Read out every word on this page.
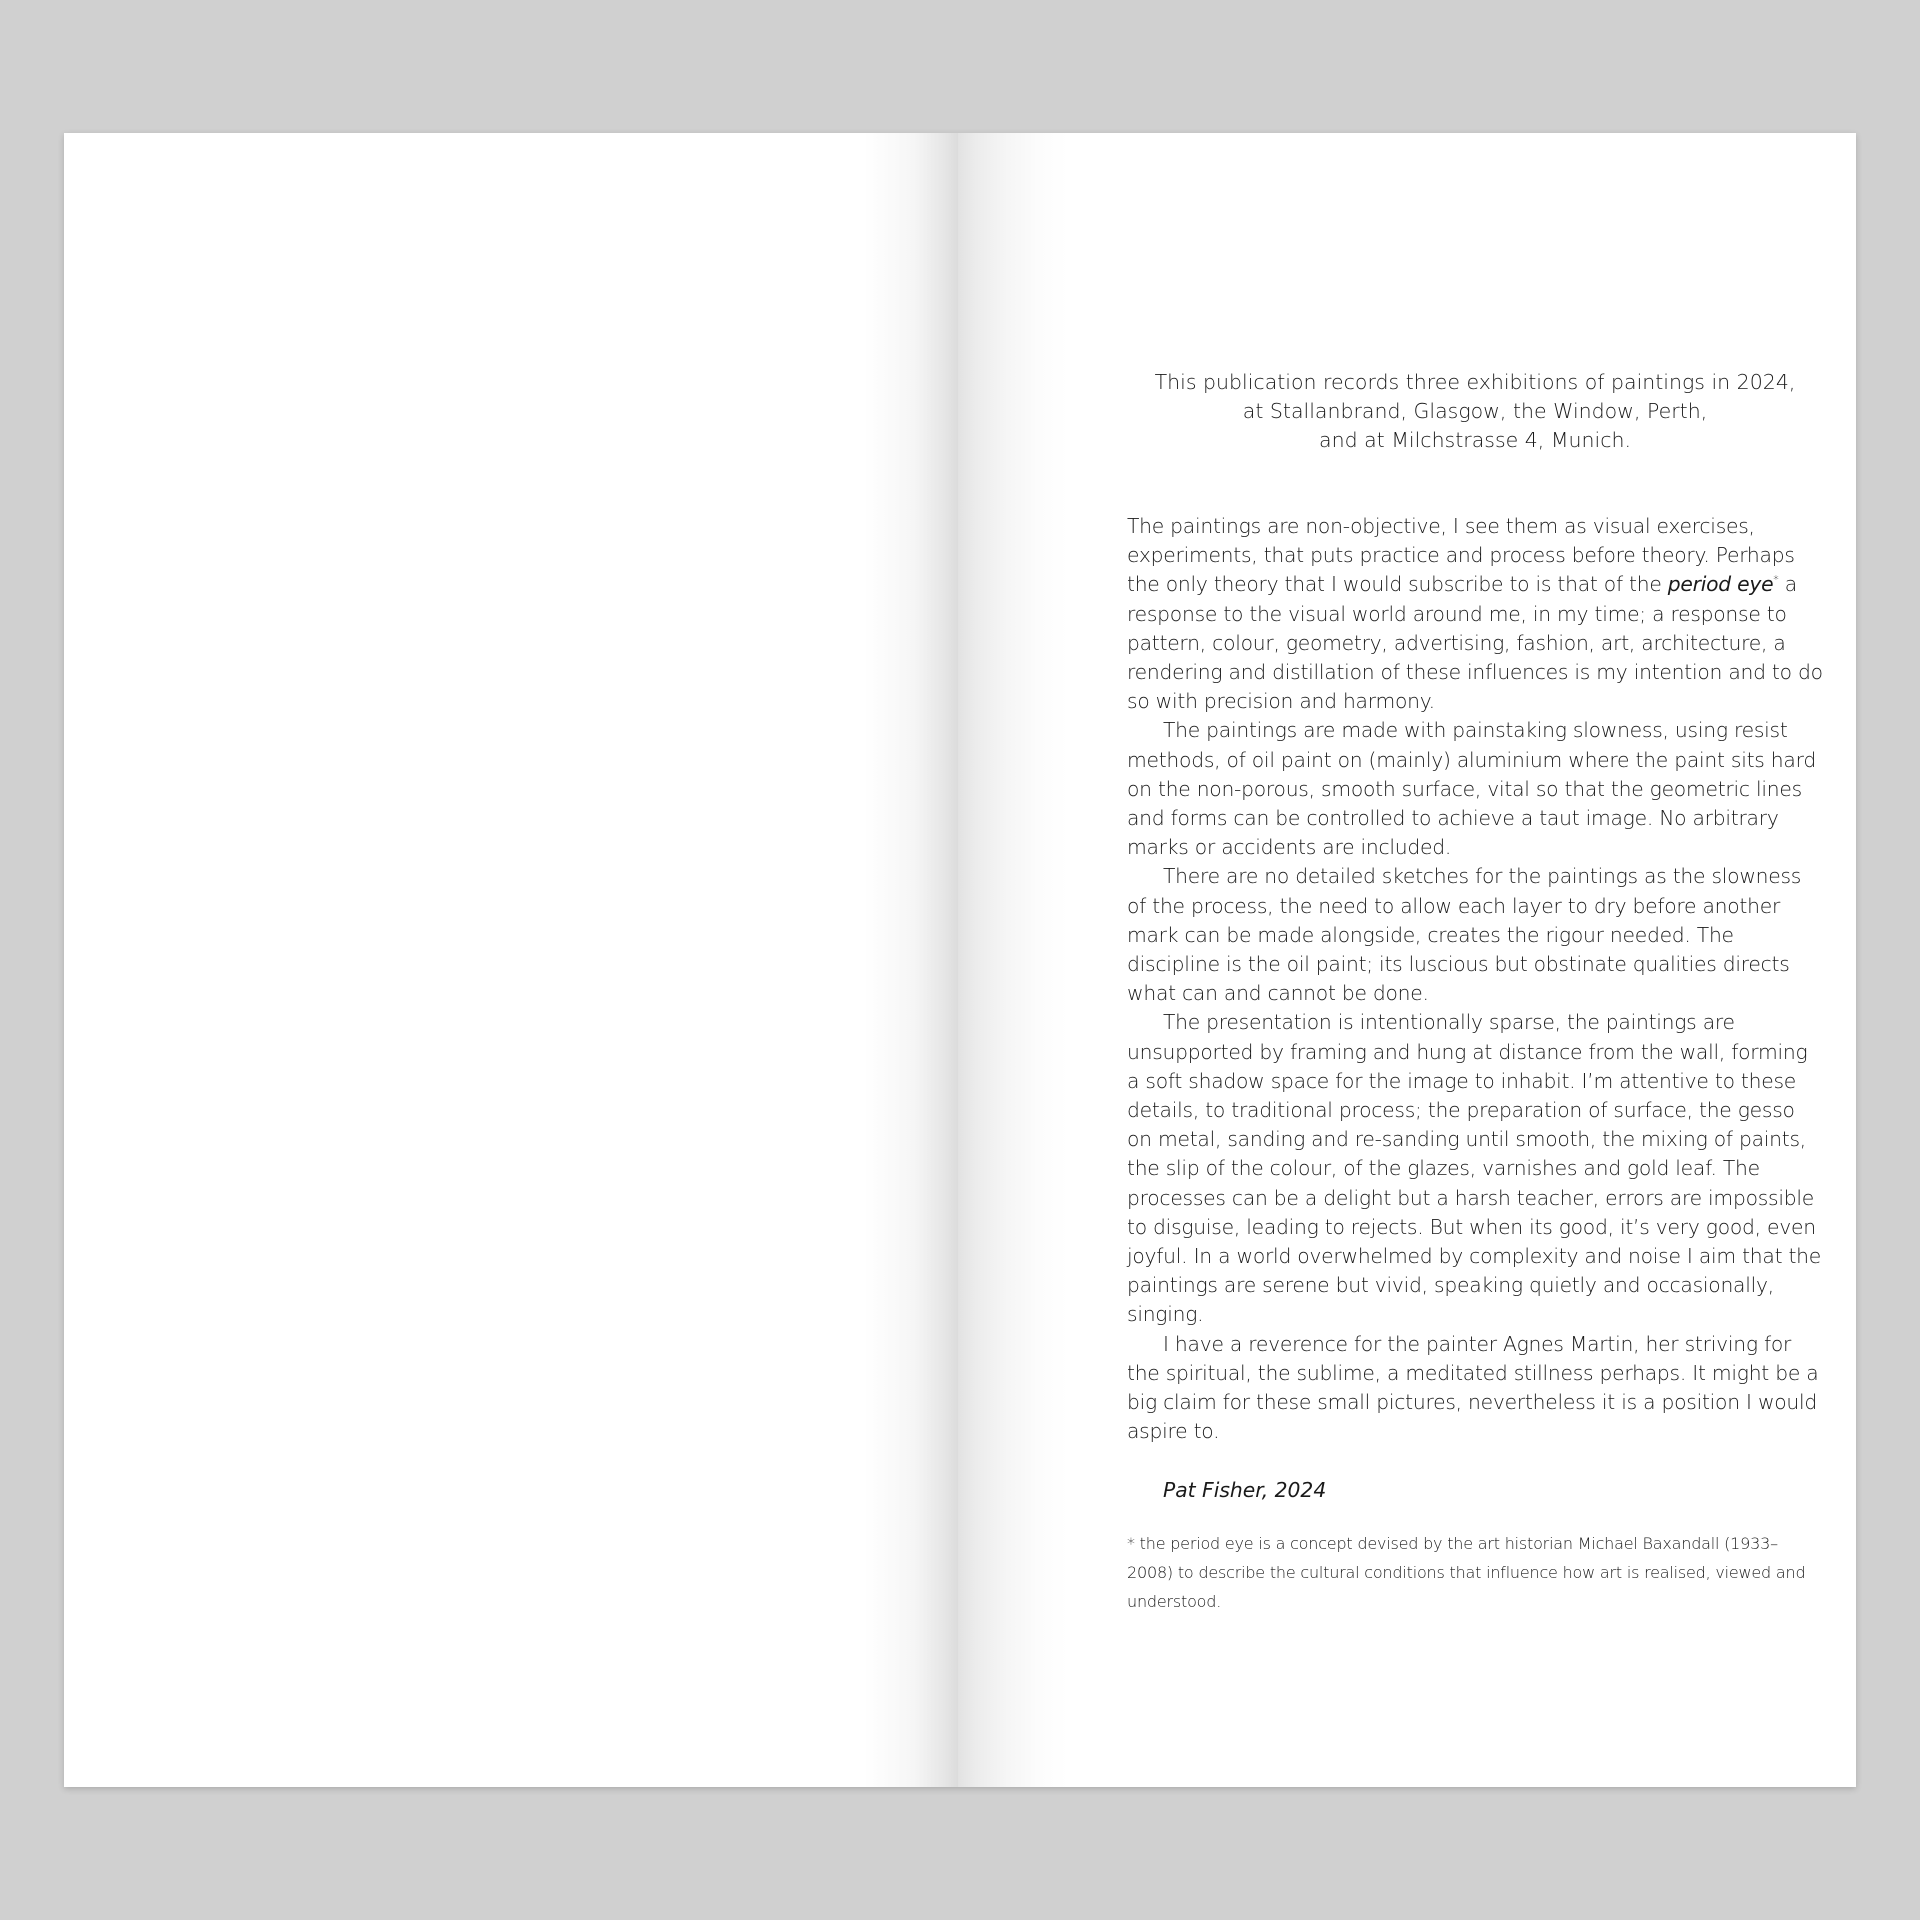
This publication records three exhibitions of paintings in 2024,
at Stallanbrand, Glasgow, the Window, Perth,
and at Milchstrasse 4, Munich.

The paintings are non-objective, I see them as visual exercises, experiments, that puts practice and process before theory. Perhaps the only theory that I would subscribe to is that of the period eye* a response to the visual world around me, in my time; a response to pattern, colour, geometry, advertising, fashion, art, architecture, a rendering and distillation of these influences is my intention and to do so with precision and harmony.

The paintings are made with painstaking slowness, using resist methods, of oil paint on (mainly) aluminium where the paint sits hard on the non-porous, smooth surface, vital so that the geometric lines and forms can be controlled to achieve a taut image. No arbitrary marks or accidents are included.

There are no detailed sketches for the paintings as the slowness of the process, the need to allow each layer to dry before another mark can be made alongside, creates the rigour needed. The discipline is the oil paint; its luscious but obstinate qualities directs what can and cannot be done.

The presentation is intentionally sparse, the paintings are unsupported by framing and hung at distance from the wall, forming a soft shadow space for the image to inhabit. I’m attentive to these details, to traditional process; the preparation of surface, the gesso on metal, sanding and re-sanding until smooth, the mixing of paints, the slip of the colour, of the glazes, varnishes and gold leaf. The processes can be a delight but a harsh teacher, errors are impossible to disguise, leading to rejects. But when its good, it’s very good, even joyful. In a world overwhelmed by complexity and noise I aim that the paintings are serene but vivid, speaking quietly and occasionally, singing.

I have a reverence for the painter Agnes Martin, her striving for the spiritual, the sublime, a meditated stillness perhaps. It might be a big claim for these small pictures, nevertheless it is a position I would aspire to.

Pat Fisher, 2024
* the period eye is a concept devised by the art historian Michael Baxandall (1933–2008) to describe the cultural conditions that influence how art is realised, viewed and understood.
